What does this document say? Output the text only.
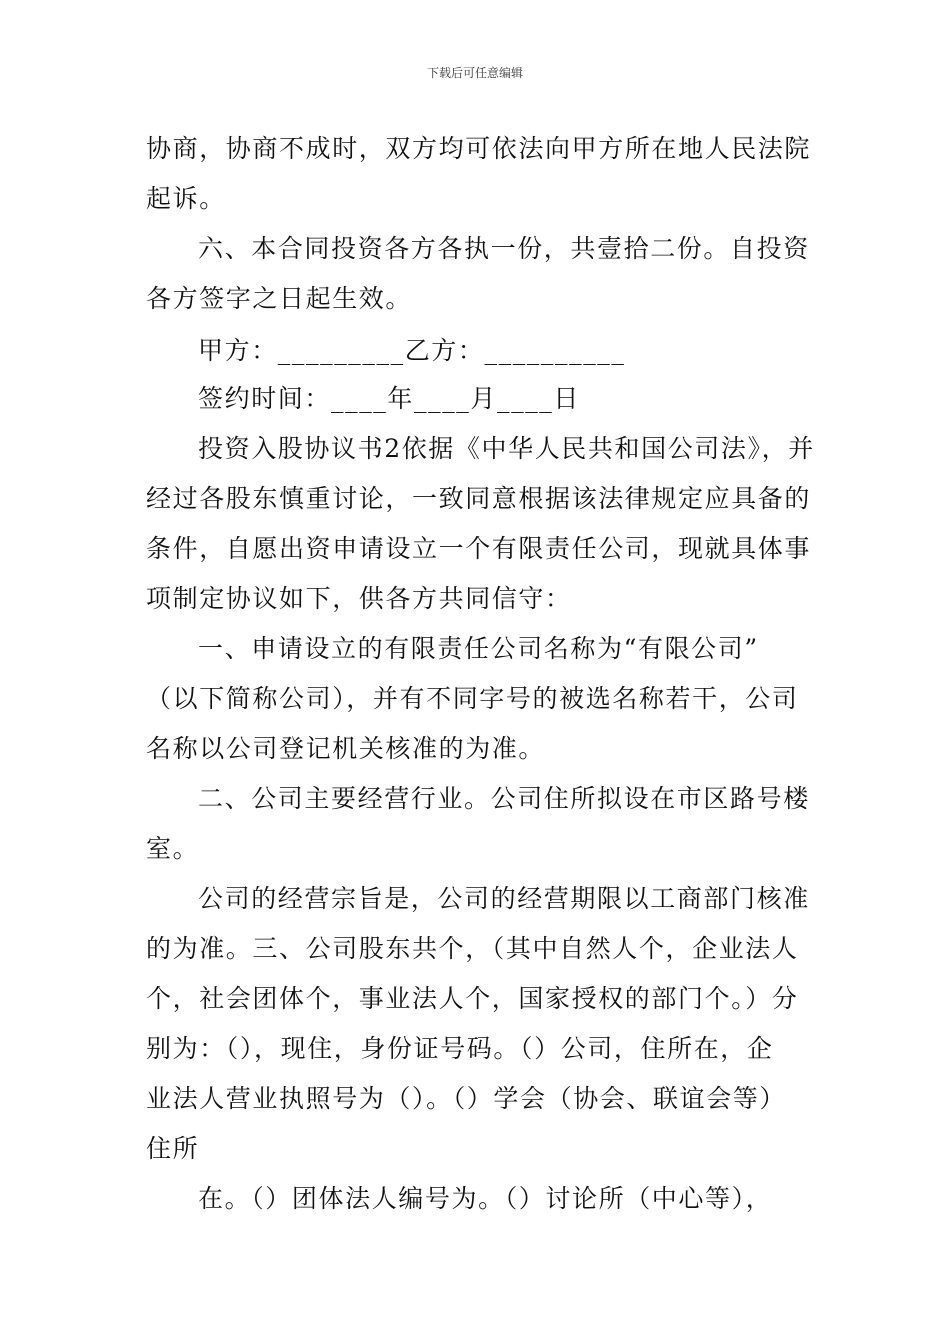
下载后可任意编辑
协商，协商不成时，双方均可依法向甲方所在地人民法院
起诉。
六、本合同投资各方各执一份，共壹拾二份。自投资
各方签字之日起生效。
甲方：_________乙方：__________
签约时间：____年____月____日
投资入股协议书2依据《中华人民共和国公司法》，并
经过各股东慎重讨论，一致同意根据该法律规定应具备的
条件，自愿出资申请设立一个有限责任公司，现就具体事
项制定协议如下，供各方共同信守：
一、申请设立的有限责任公司名称为“有限公司”
（以下简称公司），并有不同字号的被选名称若干，公司
名称以公司登记机关核准的为准。
二、公司主要经营行业。公司住所拟设在市区路号楼
室。
公司的经营宗旨是，公司的经营期限以工商部门核准
的为准。三、公司股东共个，（其中自然人个，企业法人
个，社会团体个，事业法人个，国家授权的部门个。）分
别为：（），现住，身份证号码。（）公司，住所在，企
业法人营业执照号为（）。（）学会（协会、联谊会等）
住所
在。（）团体法人编号为。（）讨论所（中心等），
